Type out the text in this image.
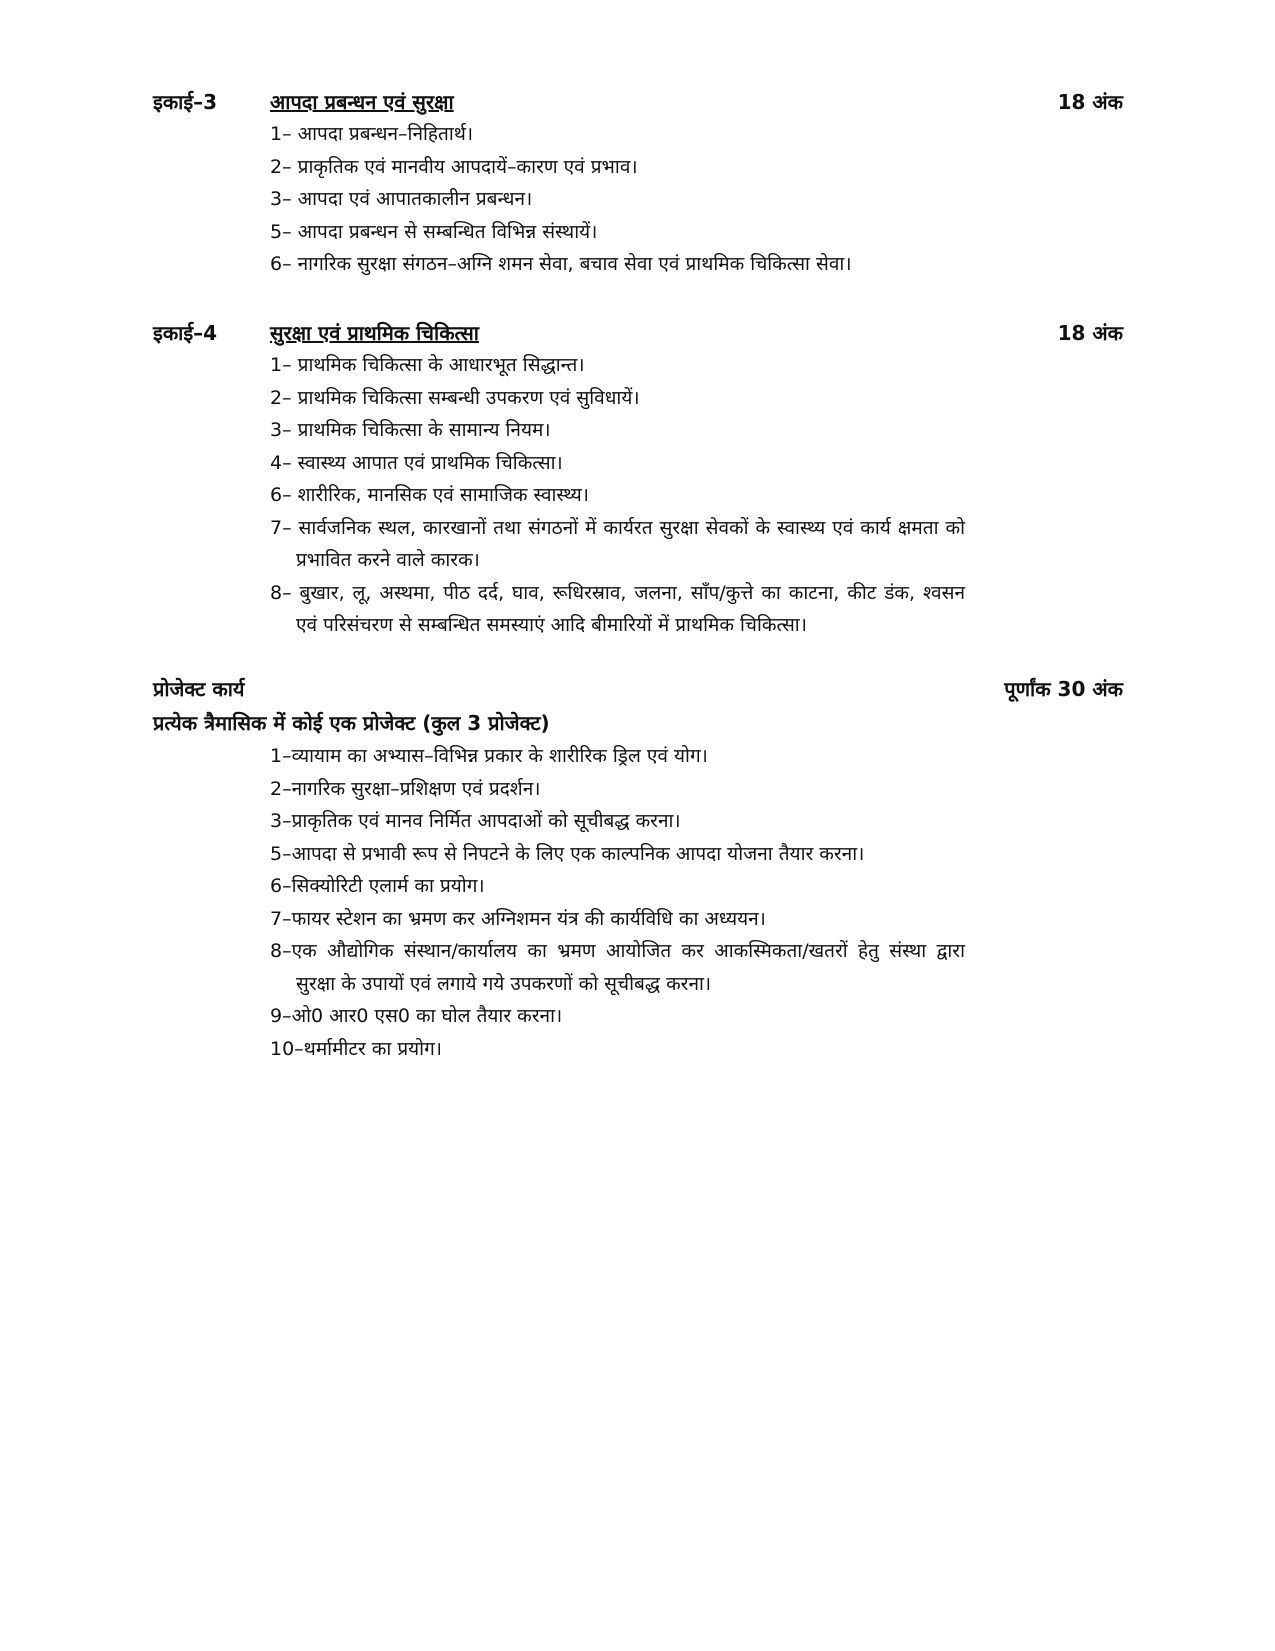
इकाई–3	आपदा प्रबन्धन एवं सुरक्षा	18 अंक
1– आपदा प्रबन्धन–निहितार्थ।
2– प्राकृतिक एवं मानवीय आपदायें–कारण एवं प्रभाव।
3– आपदा एवं आपातकालीन प्रबन्धन।
5– आपदा प्रबन्धन से सम्बन्धित विभिन्न संस्थायें।
6– नागरिक सुरक्षा संगठन–अग्नि शमन सेवा, बचाव सेवा एवं प्राथमिक चिकित्सा सेवा।
इकाई–4	सुरक्षा एवं प्राथमिक चिकित्सा	18 अंक
1– प्राथमिक चिकित्सा के आधारभूत सिद्धान्त।
2– प्राथमिक चिकित्सा सम्बन्धी उपकरण एवं सुविधायें।
3– प्राथमिक चिकित्सा के सामान्य नियम।
4– स्वास्थ्य आपात एवं प्राथमिक चिकित्सा।
6– शारीरिक, मानसिक एवं सामाजिक स्वास्थ्य।
7– सार्वजनिक स्थल, कारखानों तथा संगठनों में कार्यरत सुरक्षा सेवकों के स्वास्थ्य एवं कार्य क्षमता को प्रभावित करने वाले कारक।
8– बुखार, लू, अस्थमा, पीठ दर्द, घाव, रूधिरस्राव, जलना, साँप/कुत्ते का काटना, कीट डंक, श्वसन एवं परिसंचरण से सम्बन्धित समस्याएं आदि बीमारियों में प्राथमिक चिकित्सा।
प्रोजेक्ट कार्य	पूर्णांक 30 अंक
प्रत्येक त्रैमासिक में कोई एक प्रोजेक्ट (कुल 3 प्रोजेक्ट)
1–व्यायाम का अभ्यास–विभिन्न प्रकार के शारीरिक ड्रिल एवं योग।
2–नागरिक सुरक्षा–प्रशिक्षण एवं प्रदर्शन।
3–प्राकृतिक एवं मानव निर्मित आपदाओं को सूचीबद्ध करना।
5–आपदा से प्रभावी रूप से निपटने के लिए एक काल्पनिक आपदा योजना तैयार करना।
6–सिक्योरिटी एलार्म का प्रयोग।
7–फायर स्टेशन का भ्रमण कर अग्निशमन यंत्र की कार्यविधि का अध्ययन।
8–एक औद्योगिक संस्थान/कार्यालय का भ्रमण आयोजित कर आकस्मिकता/खतरों हेतु संस्था द्वारा सुरक्षा के उपायों एवं लगाये गये उपकरणों को सूचीबद्ध करना।
9–ओ0 आर0 एस0 का घोल तैयार करना।
10–थर्मामीटर का प्रयोग।
